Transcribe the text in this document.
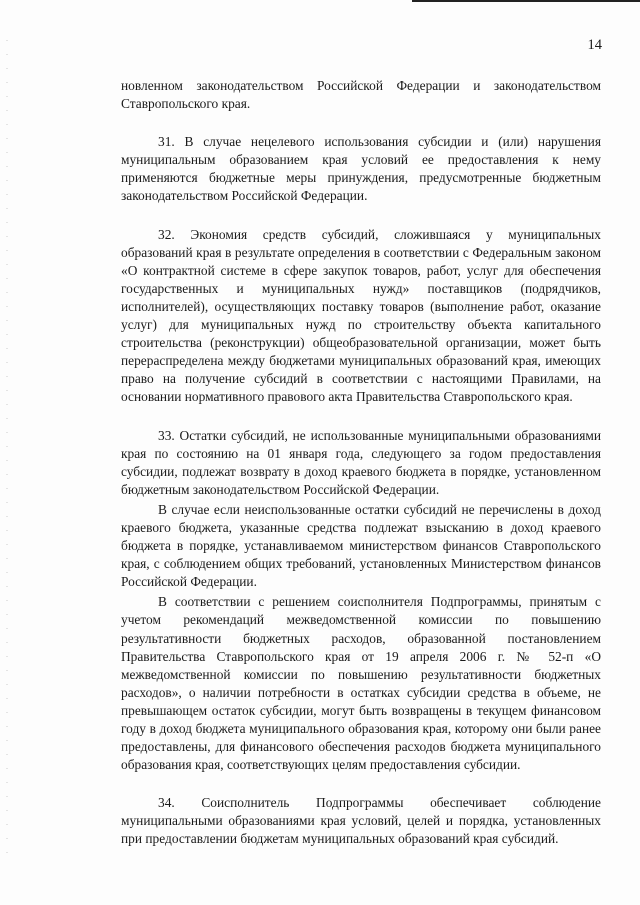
14

новленном законодательством Российской Федерации и законодательством Ставропольского края.

31. В случае нецелевого использования субсидии и (или) нарушения муниципальным образованием края условий ее предоставления к нему применяются бюджетные меры принуждения, предусмотренные бюджетным законодательством Российской Федерации.

32. Экономия средств субсидий, сложившаяся у муниципальных образований края в результате определения в соответствии с Федеральным законом «О контрактной системе в сфере закупок товаров, работ, услуг для обеспечения государственных и муниципальных нужд» поставщиков (подрядчиков, исполнителей), осуществляющих поставку товаров (выполнение работ, оказание услуг) для муниципальных нужд по строительству объекта капитального строительства (реконструкции) общеобразовательной организации, может быть перераспределена между бюджетами муниципальных образований края, имеющих право на получение субсидий в соответствии с настоящими Правилами, на основании нормативного правового акта Правительства Ставропольского края.

33. Остатки субсидий, не использованные муниципальными образованиями края по состоянию на 01 января года, следующего за годом предоставления субсидии, подлежат возврату в доход краевого бюджета в порядке, установленном бюджетным законодательством Российской Федерации.

В случае если неиспользованные остатки субсидий не перечислены в доход краевого бюджета, указанные средства подлежат взысканию в доход краевого бюджета в порядке, устанавливаемом министерством финансов Ставропольского края, с соблюдением общих требований, установленных Министерством финансов Российской Федерации.

В соответствии с решением соисполнителя Подпрограммы, принятым с учетом рекомендаций межведомственной комиссии по повышению результативности бюджетных расходов, образованной постановлением Правительства Ставропольского края от 19 апреля 2006 г. № 52-п «О межведомственной комиссии по повышению результативности бюджетных расходов», о наличии потребности в остатках субсидии средства в объеме, не превышающем остаток субсидии, могут быть возвращены в текущем финансовом году в доход бюджета муниципального образования края, которому они были ранее предоставлены, для финансового обеспечения расходов бюджета муниципального образования края, соответствующих целям предоставления субсидии.

34. Соисполнитель Подпрограммы обеспечивает соблюдение муниципальными образованиями края условий, целей и порядка, установленных при предоставлении бюджетам муниципальных образований края субсидий.
